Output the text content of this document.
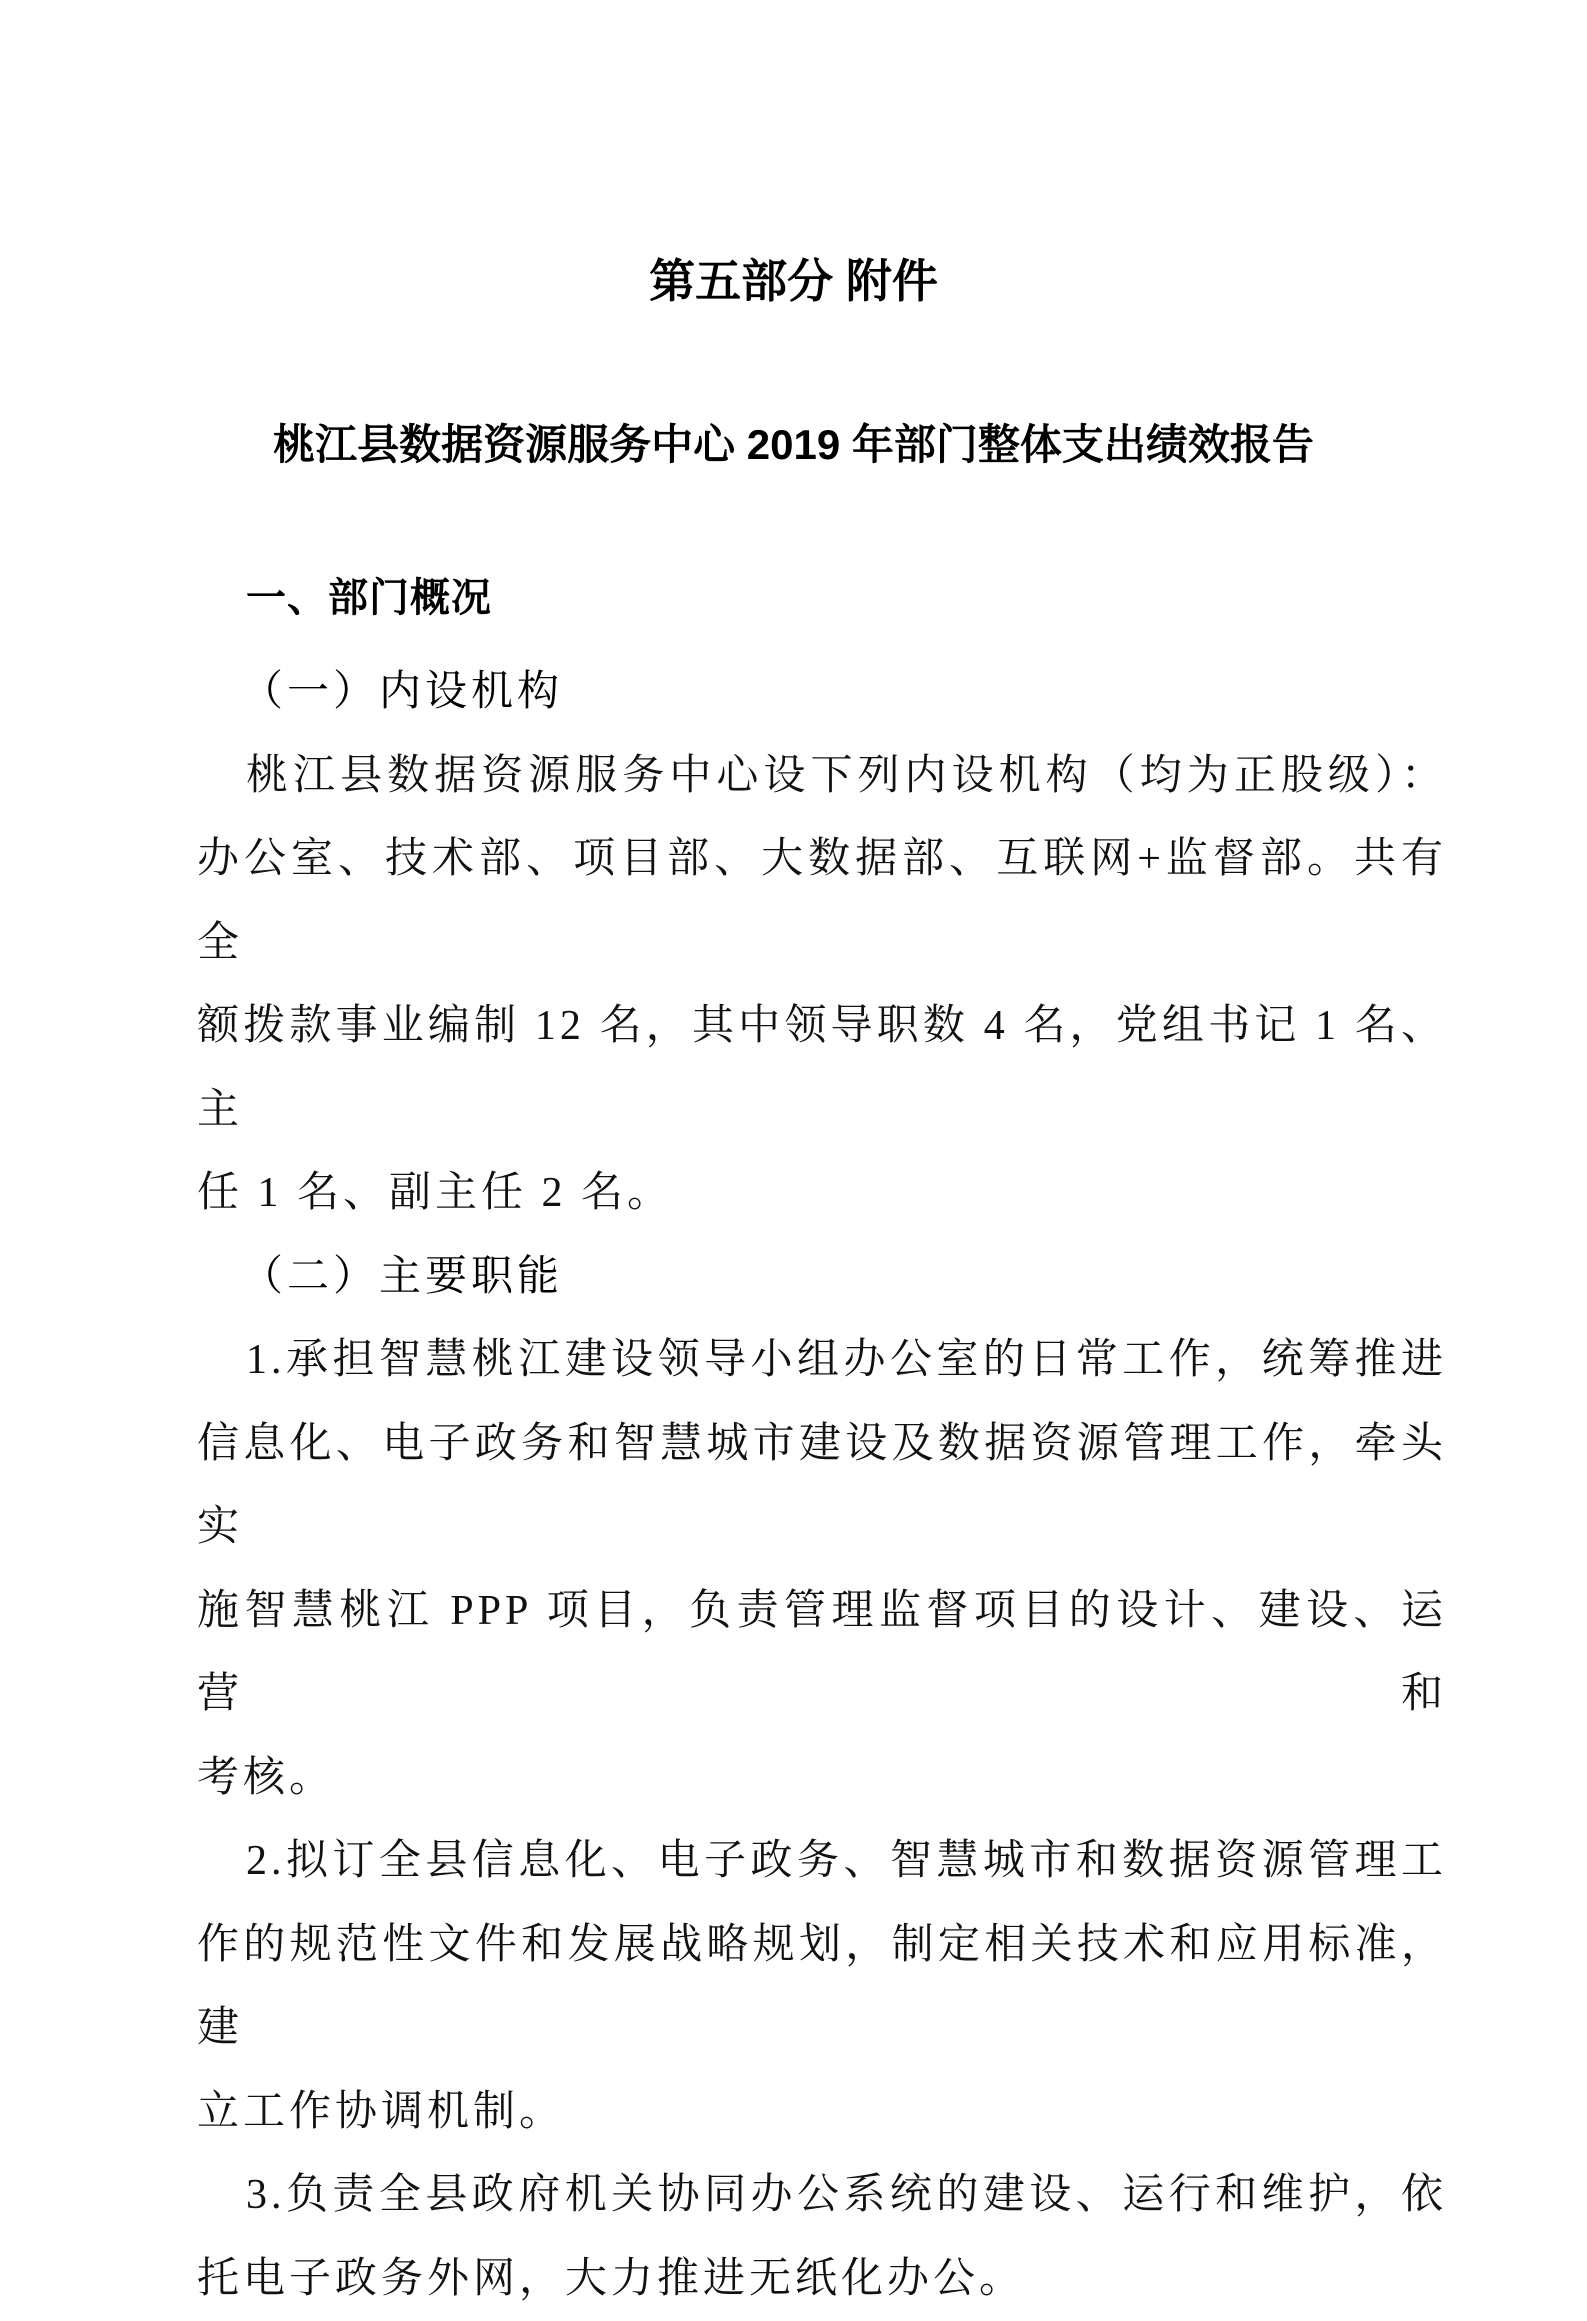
第五部分 附件
桃江县数据资源服务中心 2019 年部门整体支出绩效报告
一、部门概况
（一）内设机构

桃江县数据资源服务中心设下列内设机构（均为正股级）：
办公室、技术部、项目部、大数据部、互联网+监督部。共有全
额拨款事业编制 12 名，其中领导职数 4 名，党组书记 1 名、主
任 1 名、副主任 2 名。

（二）主要职能

1.承担智慧桃江建设领导小组办公室的日常工作，统筹推进
信息化、电子政务和智慧城市建设及数据资源管理工作，牵头实
施智慧桃江 PPP 项目，负责管理监督项目的设计、建设、运营和
考核。

2.拟订全县信息化、电子政务、智慧城市和数据资源管理工
作的规范性文件和发展战略规划，制定相关技术和应用标准，建
立工作协调机制。

3.负责全县政府机关协同办公系统的建设、运行和维护，依
托电子政务外网，大力推进无纸化办公。
